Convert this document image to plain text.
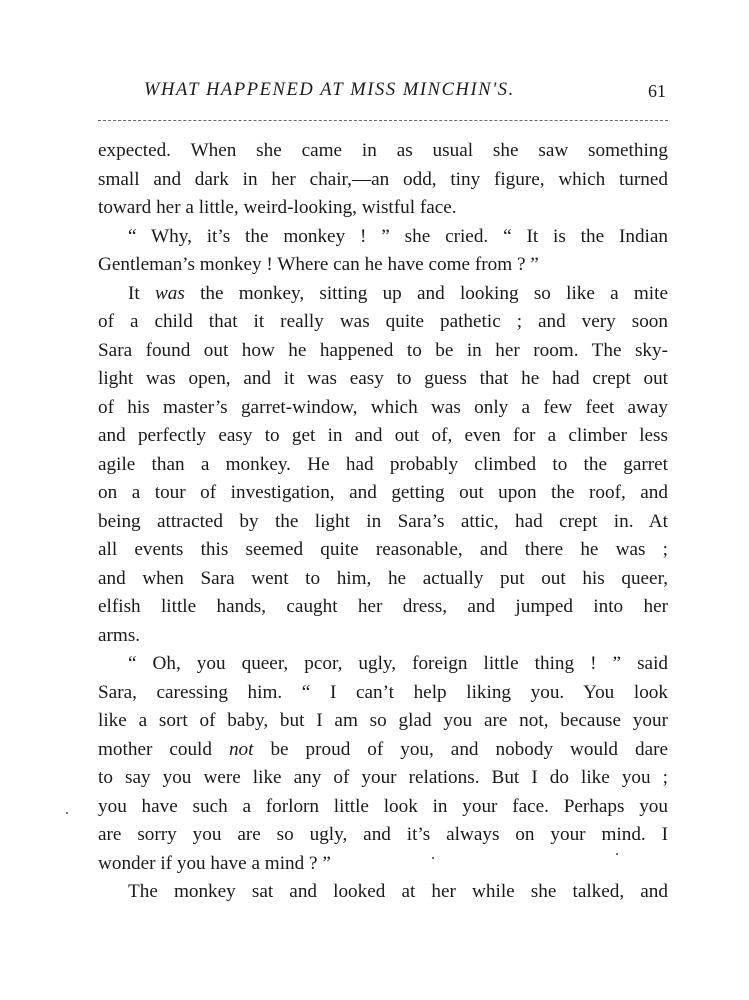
WHAT HAPPENED AT MISS MINCHIN'S.	61
expected. When she came in as usual she saw something
small and dark in her chair,—an odd, tiny figure, which turned
toward her a little, weird-looking, wistful face.
“ Why, it’s the monkey ! ” she cried. “ It is the Indian
Gentleman’s monkey ! Where can he have come from ? ”
It was the monkey, sitting up and looking so like a mite
of a child that it really was quite pathetic ; and very soon
Sara found out how he happened to be in her room. The sky-
light was open, and it was easy to guess that he had crept out
of his master’s garret-window, which was only a few feet away
and perfectly easy to get in and out of, even for a climber less
agile than a monkey. He had probably climbed to the garret
on a tour of investigation, and getting out upon the roof, and
being attracted by the light in Sara’s attic, had crept in. At
all events this seemed quite reasonable, and there he was ;
and when Sara went to him, he actually put out his queer,
elfish little hands, caught her dress, and jumped into her
arms.
“ Oh, you queer, pcor, ugly, foreign little thing ! ” said
Sara, caressing him. “ I can’t help liking you. You look
like a sort of baby, but I am so glad you are not, because your
mother could not be proud of you, and nobody would dare
to say you were like any of your relations. But I do like you ;
you have such a forlorn little look in your face. Perhaps you
are sorry you are so ugly, and it’s always on your mind. I
wonder if you have a mind ? ”
The monkey sat and looked at her while she talked, and
